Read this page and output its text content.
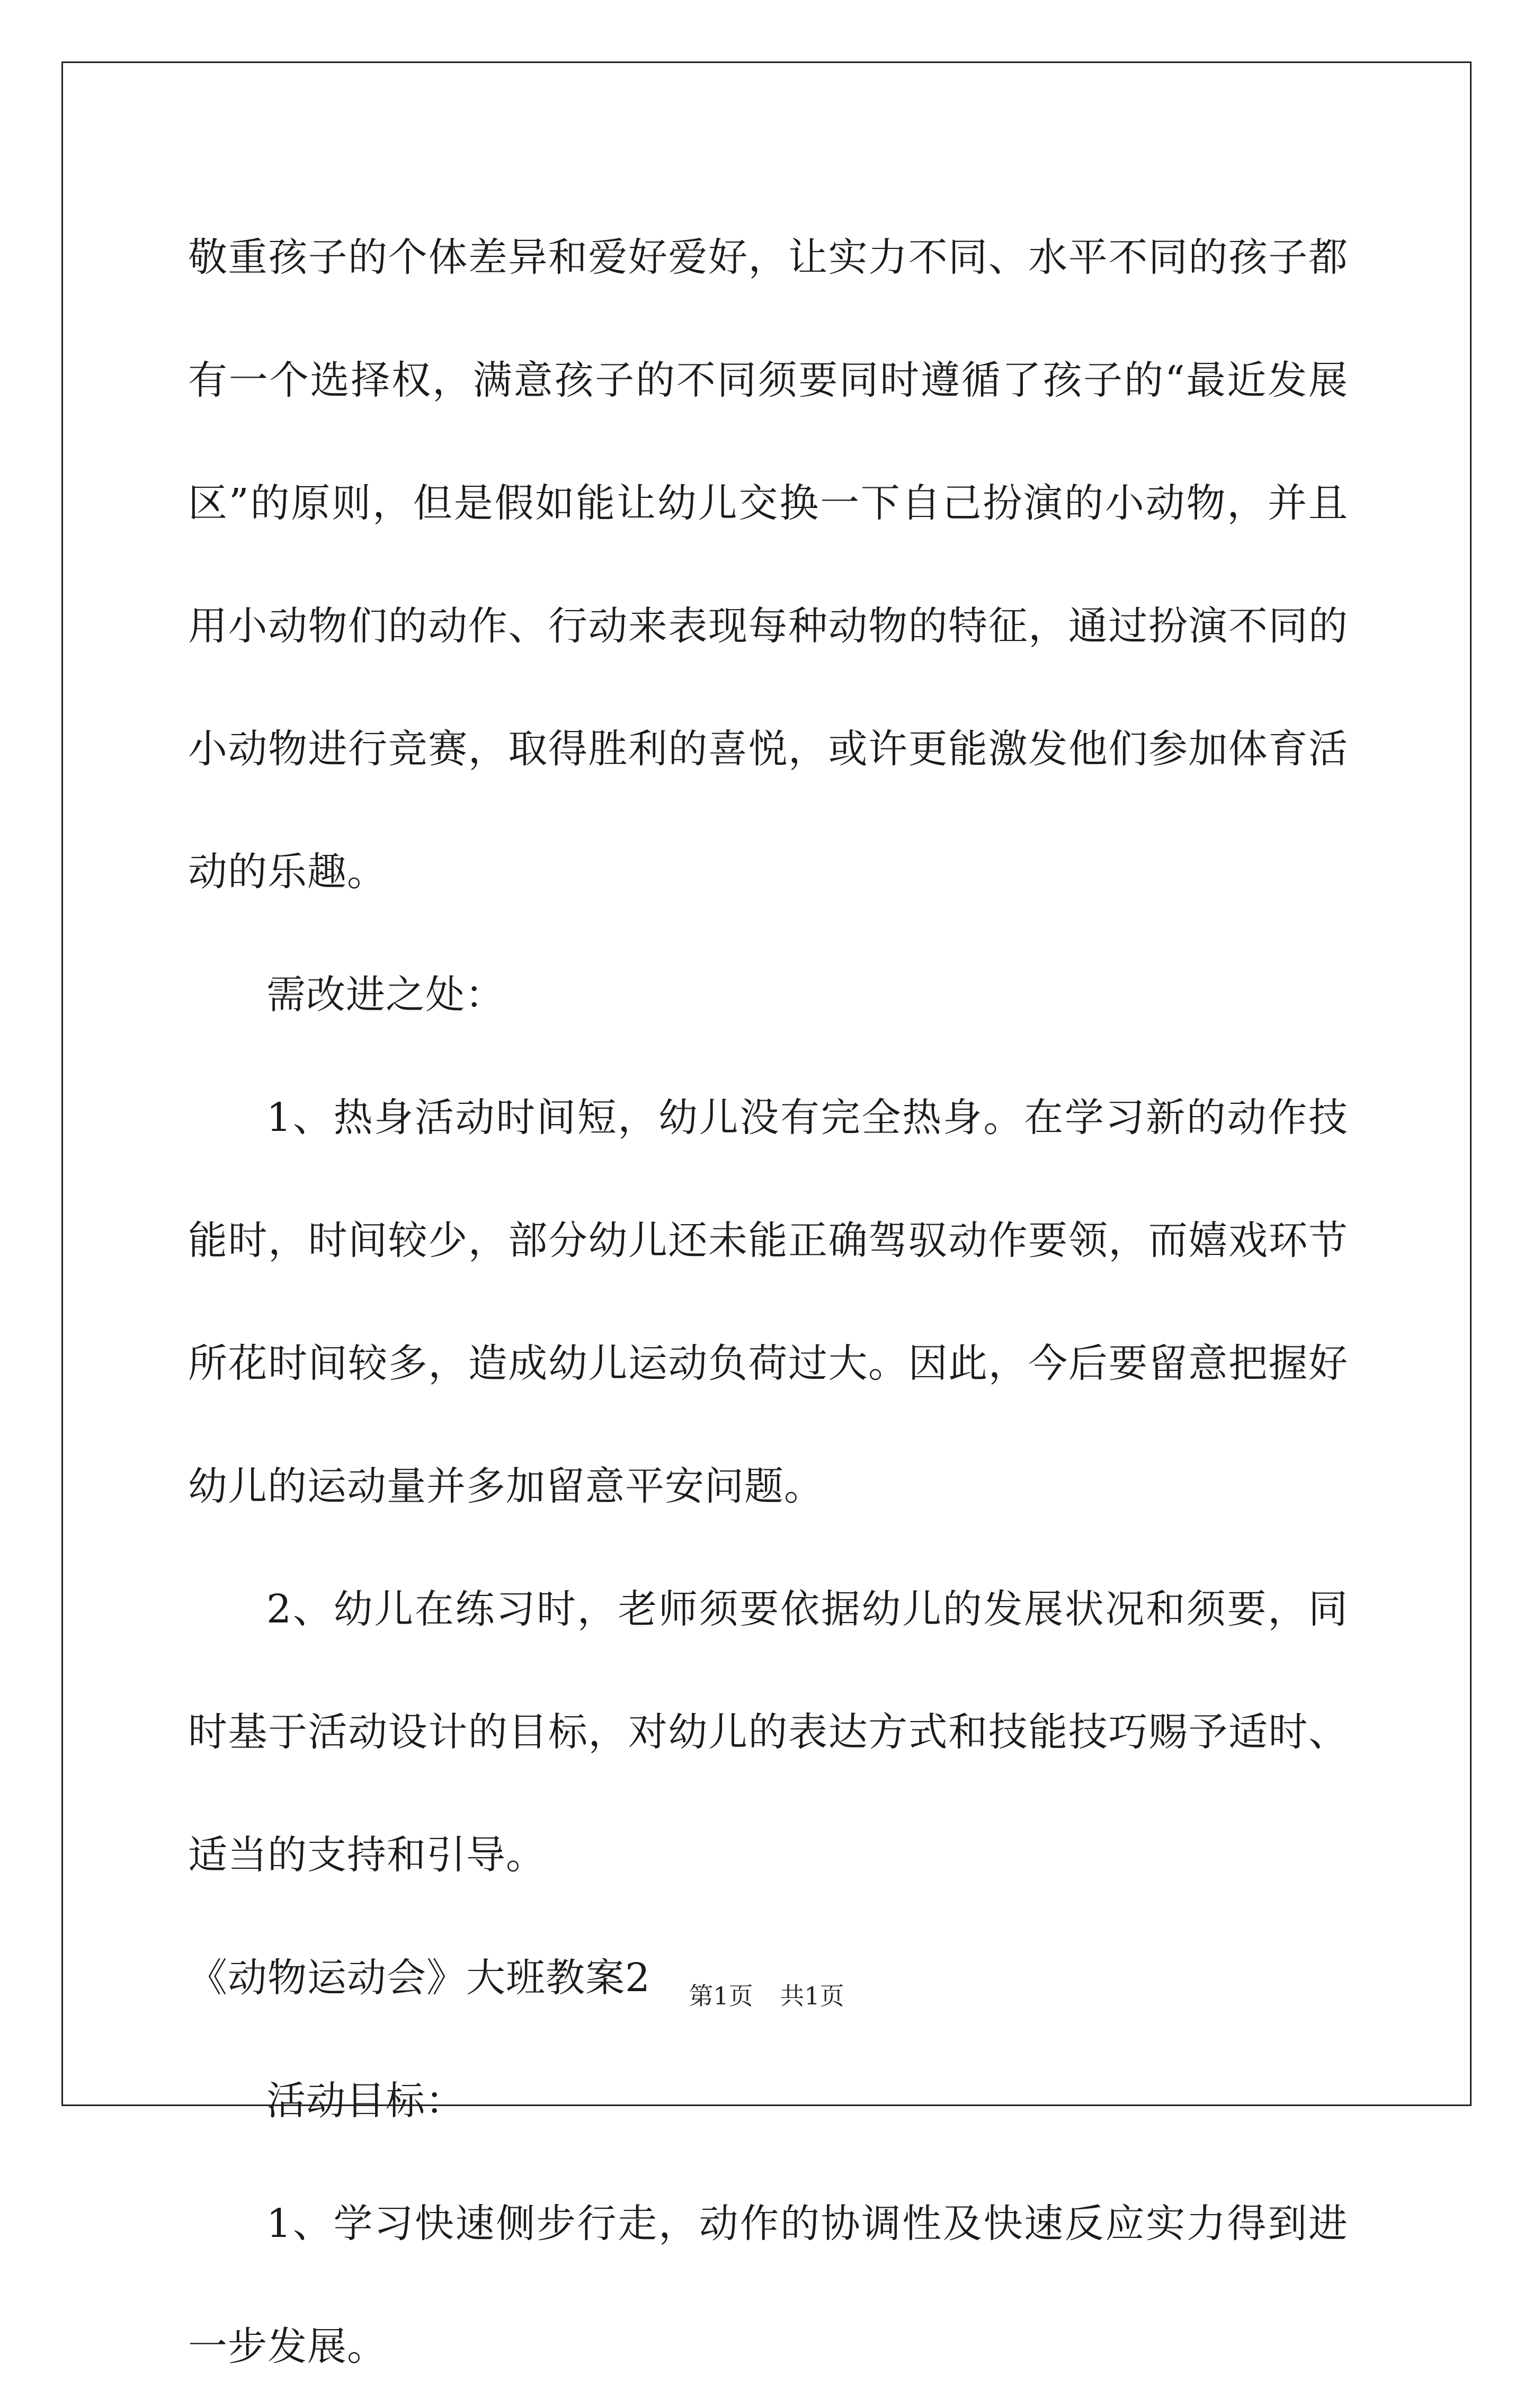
敬重孩子的个体差异和爱好爱好，让实力不同、水平不同的孩子都有一个选择权，满意孩子的不同须要同时遵循了孩子的“最近发展区”的原则，但是假如能让幼儿交换一下自己扮演的小动物，并且用小动物们的动作、行动来表现每种动物的特征，通过扮演不同的小动物进行竞赛，取得胜利的喜悦，或许更能激发他们参加体育活动的乐趣。

需改进之处：

1、热身活动时间短，幼儿没有完全热身。在学习新的动作技能时，时间较少，部分幼儿还未能正确驾驭动作要领，而嬉戏环节所花时间较多，造成幼儿运动负荷过大。因此，今后要留意把握好幼儿的运动量并多加留意平安问题。

2、幼儿在练习时，老师须要依据幼儿的发展状况和须要，同时基于活动设计的目标，对幼儿的表达方式和技能技巧赐予适时、适当的支持和引导。

《动物运动会》大班教案2

活动目标：

1、学习快速侧步行走，动作的协调性及快速反应实力得到进一步发展。

第1页 共1页
